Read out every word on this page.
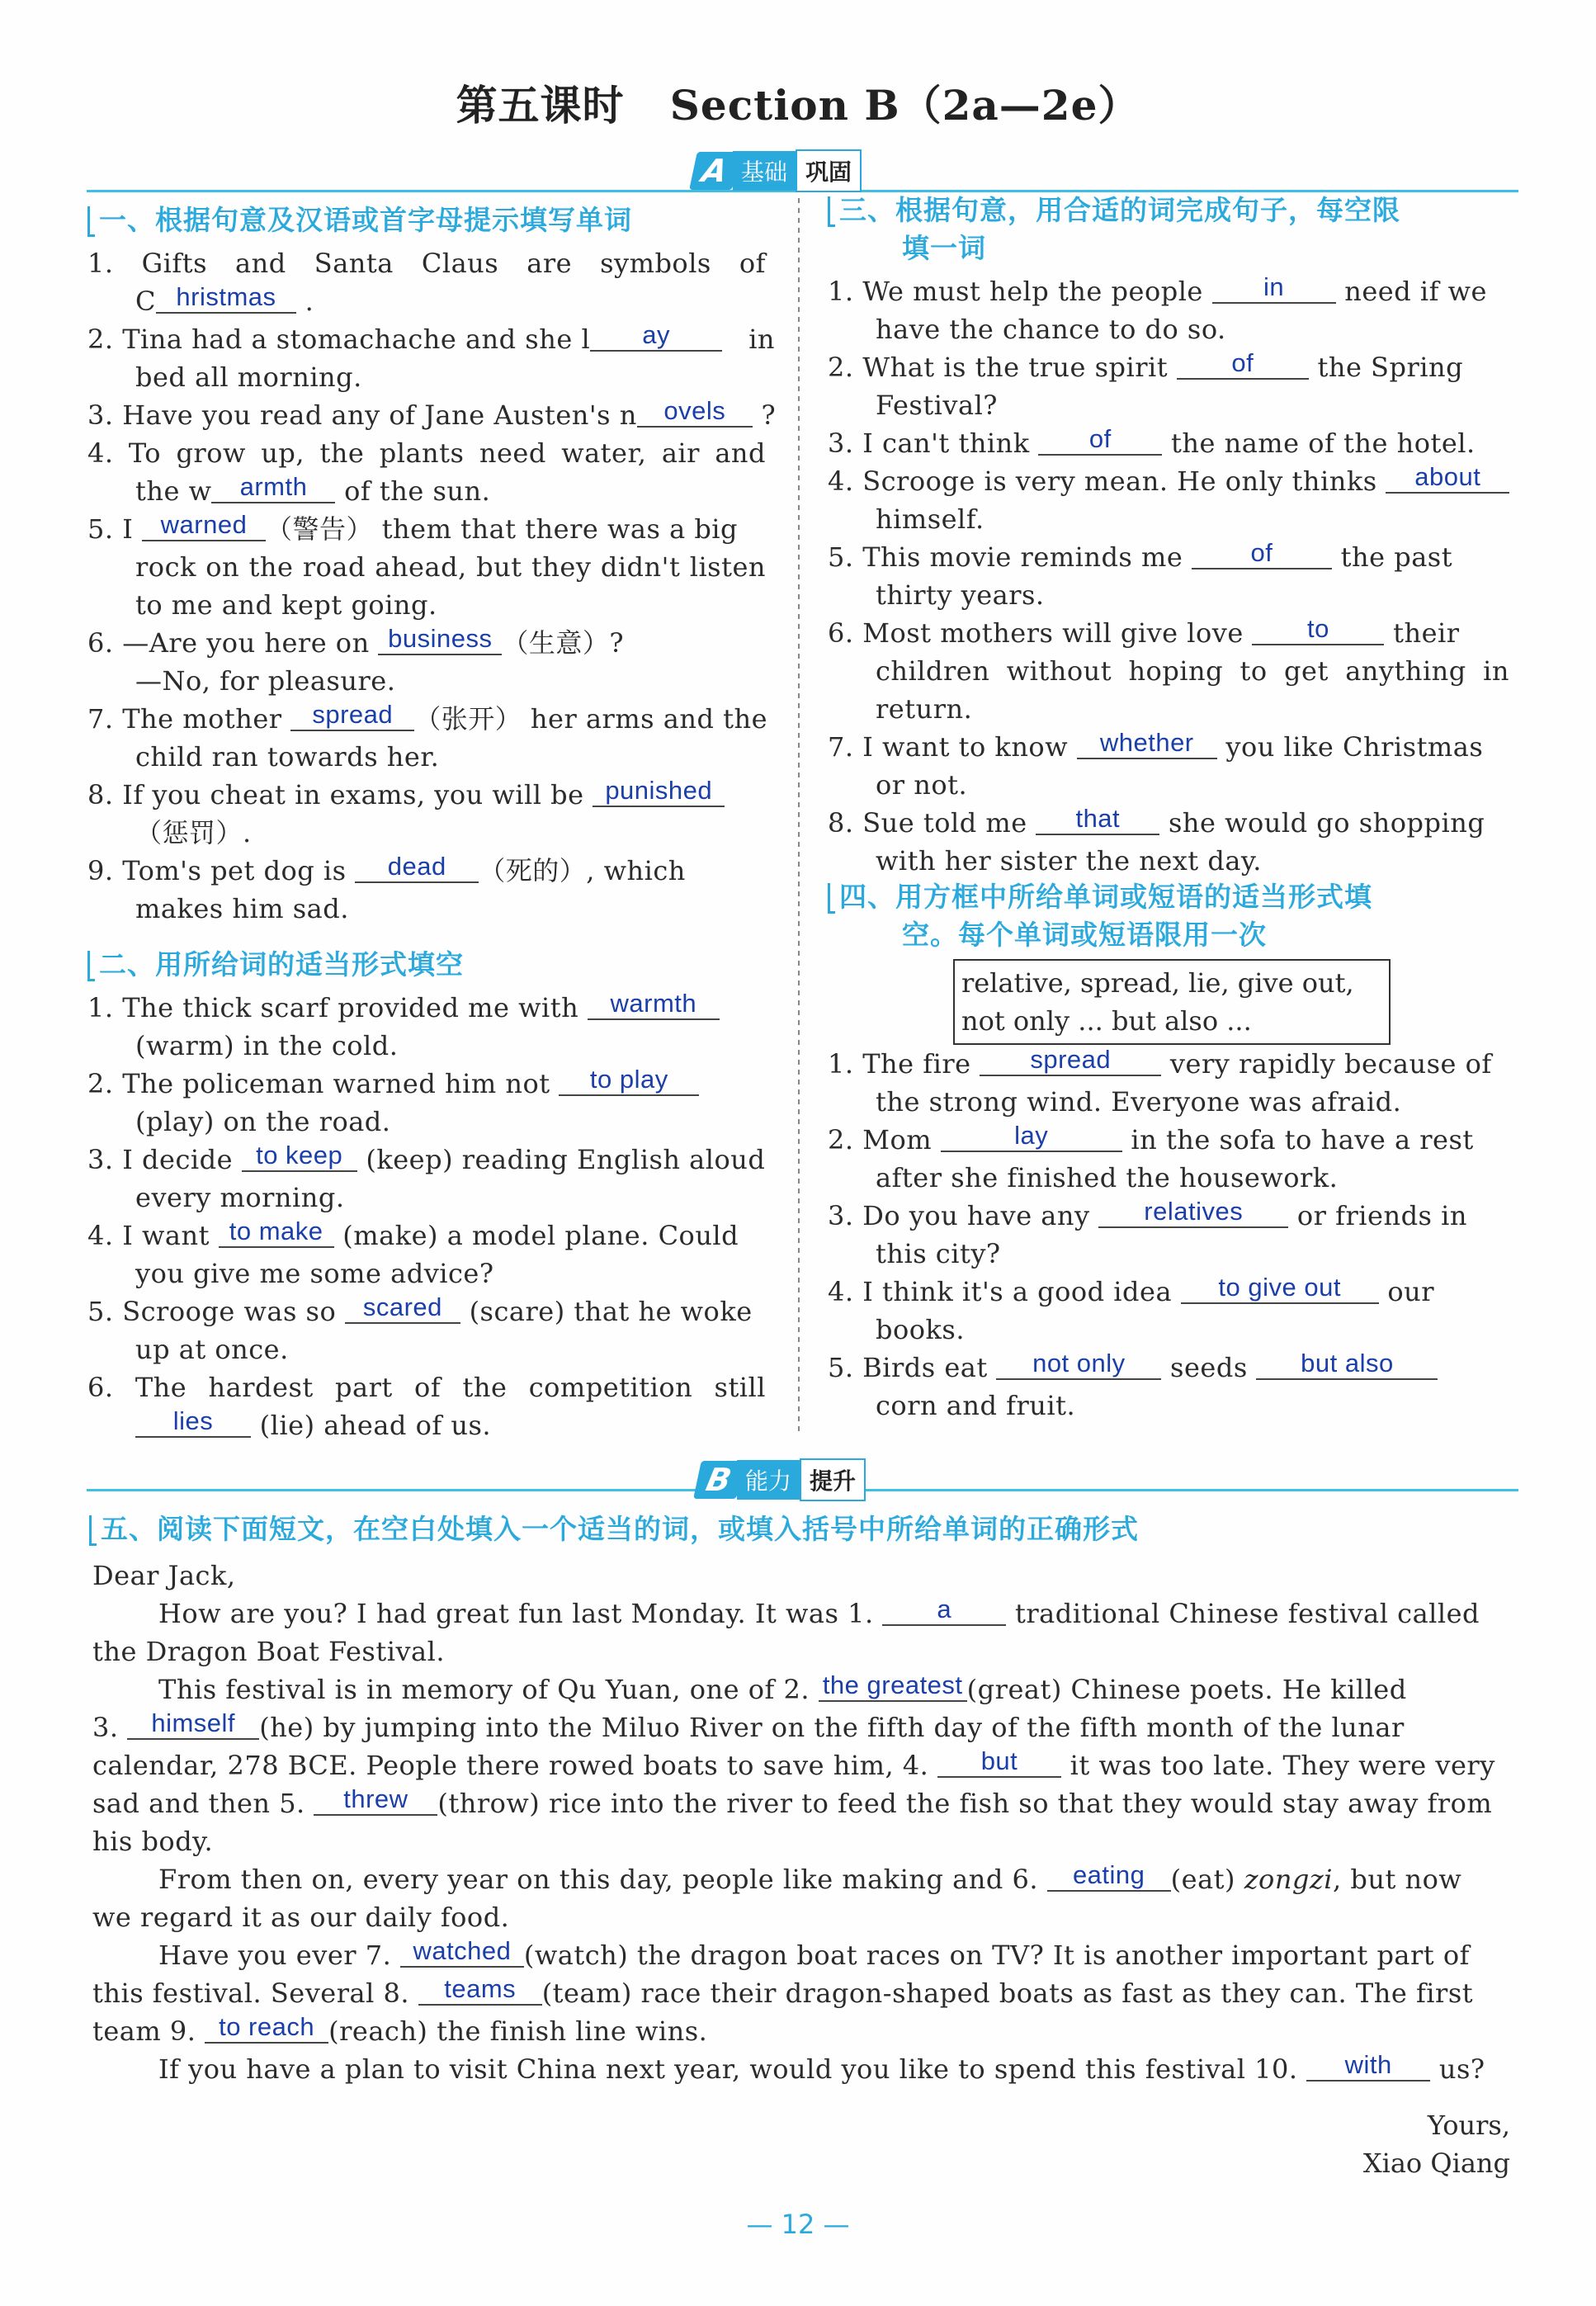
第五课时 Section B（2a—2e）
A 基础 巩固
一、根据句意及汉语或首字母提示填写单词
1. Gifts and Santa Claus are symbols of
C hristmas .
2. Tina had a stomachache and she l ay	in
bed all morning.
3. Have you read any of Jane Austen's n ovels ?
4. To grow up, the plants need water, air and
the w armth of the sun.
5. I warned （警告） them that there was a big
rock on the road ahead, but they didn't listen
to me and kept going.
6. —Are you here on business （生意）?
—No, for pleasure.
7. The mother spread （张开） her arms and the
child ran towards her.
8. If you cheat in exams, you will be punished
（惩罚）.
9. Tom's pet dog is dead （死的）, which
makes him sad.
二、用所给词的适当形式填空
1. The thick scarf provided me with warmth
(warm) in the cold.
2. The policeman warned him not to play
(play) on the road.
3. I decide to keep (keep) reading English aloud
every morning.
4. I want to make (make) a model plane. Could
you give me some advice?
5. Scrooge was so scared (scare) that he woke
up at once.
6. The hardest part of the competition still
lies (lie) ahead of us.
三、根据句意，用合适的词完成句子，每空限
填一词
1. We must help the people in need if we
have the chance to do so.
2. What is the true spirit of the Spring
Festival?
3. I can't think of the name of the hotel.
4. Scrooge is very mean. He only thinks about
himself.
5. This movie reminds me	of	the past
thirty years.
6. Most mothers will give love to their
children without hoping to get anything in
return.
7. I want to know whether you like Christmas
or not.
8. Sue told me that she would go shopping
with her sister the next day.
四、用方框中所给单词或短语的适当形式填
空。每个单词或短语限用一次
relative, spread, lie, give out,
not only ... but also ...
1. The fire spread very rapidly because of
the strong wind. Everyone was afraid.
2. Mom	lay	in the sofa to have a rest
after she finished the housework.
3. Do you have any relatives or friends in
this city?
4. I think it's a good idea to give out our
books.
5. Birds eat not only seeds but also
corn and fruit.
B 能力 提升
五、阅读下面短文，在空白处填入一个适当的词，或填入括号中所给单词的正确形式
Dear Jack,
How are you? I had great fun last Monday. It was 1. a traditional Chinese festival called
the Dragon Boat Festival.
This festival is in memory of Qu Yuan, one of 2. the greatest (great) Chinese poets. He killed
3. himself (he) by jumping into the Miluo River on the fifth day of the fifth month of the lunar
calendar, 278 BCE. People there rowed boats to save him, 4. but it was too late. They were very
sad and then 5. threw (throw) rice into the river to feed the fish so that they would stay away from
his body.
From then on, every year on this day, people like making and 6. eating (eat) zongzi, but now
we regard it as our daily food.
Have you ever 7. watched (watch) the dragon boat races on TV? It is another important part of
this festival. Several 8. teams (team) race their dragon-shaped boats as fast as they can. The first
team 9. to reach (reach) the finish line wins.
If you have a plan to visit China next year, would you like to spend this festival 10. with us?
Yours,
Xiao Qiang
— 12 —
